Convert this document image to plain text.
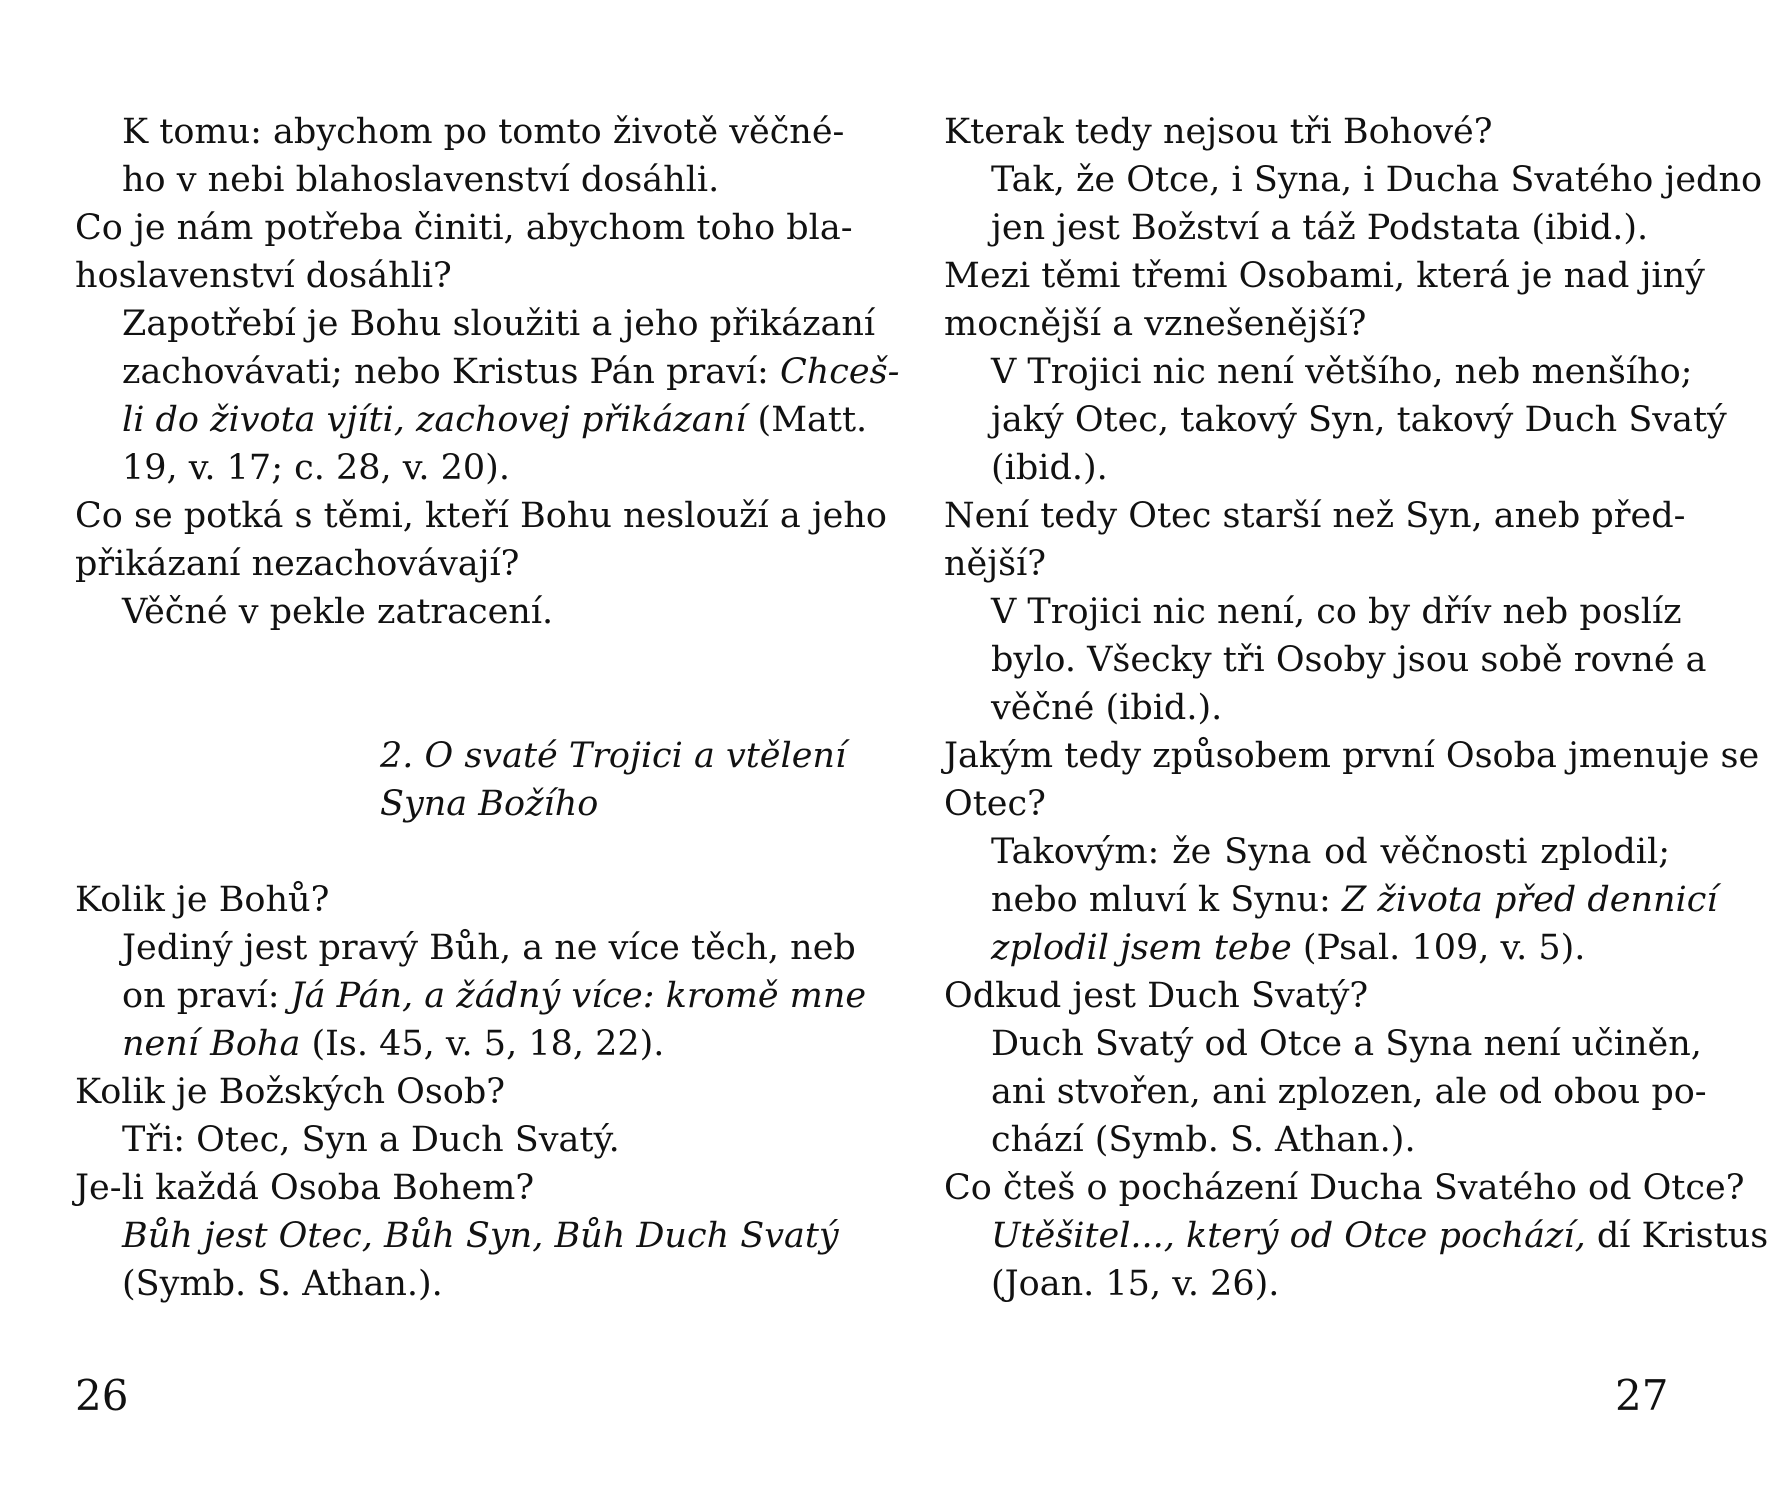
K tomu: abychom po tomto životě věčné-
ho v nebi blahoslavenství dosáhli.
Co je nám potřeba činiti, abychom toho bla-
hoslavenství dosáhli?
Zapotřebí je Bohu sloužiti a jeho přikázaní
zachovávati; nebo Kristus Pán praví: Chceš-
li do života vjíti, zachovej přikázaní (Matt.
19, v. 17; c. 28, v. 20).
Co se potká s těmi, kteří Bohu neslouží a jeho
přikázaní nezachovávají?
Věčné v pekle zatracení.
2. O svaté Trojici a vtělení
Syna Božího
Kolik je Bohů?
Jediný jest pravý Bůh, a ne více těch, neb
on praví: Já Pán, a žádný více: kromě mne
není Boha (Is. 45, v. 5, 18, 22).
Kolik je Božských Osob?
Tři: Otec, Syn a Duch Svatý.
Je-li každá Osoba Bohem?
Bůh jest Otec, Bůh Syn, Bůh Duch Svatý
(Symb. S. Athan.).
Kterak tedy nejsou tři Bohové?
Tak, že Otce, i Syna, i Ducha Svatého jedno
jen jest Božství a táž Podstata (ibid.).
Mezi těmi třemi Osobami, která je nad jiný
mocnější a vznešenější?
V Trojici nic není většího, neb menšího;
jaký Otec, takový Syn, takový Duch Svatý
(ibid.).
Není tedy Otec starší než Syn, aneb před-
nější?
V Trojici nic není, co by dřív neb poslíz
bylo. Všecky tři Osoby jsou sobě rovné a
věčné (ibid.).
Jakým tedy způsobem první Osoba jmenuje se
Otec?
Takovým: že Syna od věčnosti zplodil;
nebo mluví k Synu: Z života před dennicí
zplodil jsem tebe (Psal. 109, v. 5).
Odkud jest Duch Svatý?
Duch Svatý od Otce a Syna není učiněn,
ani stvořen, ani zplozen, ale od obou po-
chází (Symb. S. Athan.).
Co čteš o pocházení Ducha Svatého od Otce?
Utěšitel..., který od Otce pochází, dí Kristus
(Joan. 15, v. 26).
26	27
